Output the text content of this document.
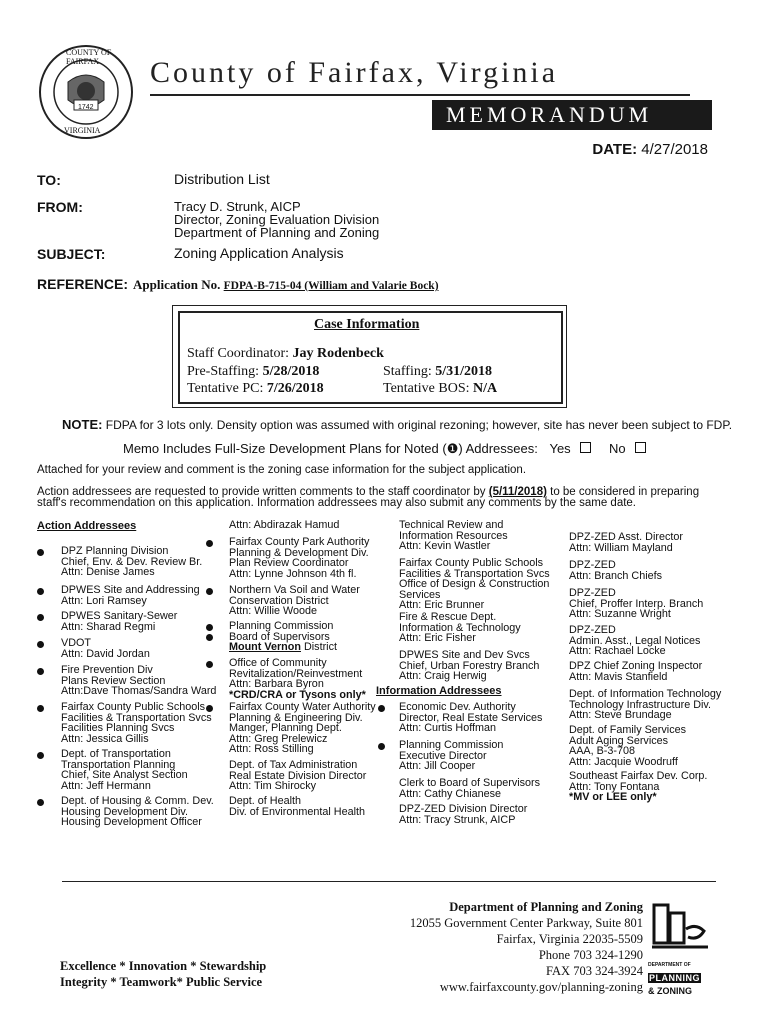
COUNTY OF FAIRFAX
1742
VIRGINIA
County of Fairfax, Virginia
MEMORANDUM
DATE: 4/27/2018
TO:	Distribution List
FROM:	Tracy D. Strunk, AICP
Director, Zoning Evaluation Division
Department of Planning and Zoning
SUBJECT:	Zoning Application Analysis
REFERENCE: Application No. FDPA-B-715-04 (William and Valarie Bock)
Case Information
Staff Coordinator: Jay Rodenbeck
Pre-Staffing: 5/28/2018	Staffing: 5/31/2018
Tentative PC: 7/26/2018	Tentative BOS: N/A
NOTE: FDPA for 3 lots only. Density option was assumed with original rezoning; however, site has never been subject to FDP.
Memo Includes Full-Size Development Plans for Noted (❶) Addressees: Yes	No
Attached for your review and comment is the zoning case information for the subject application.
Action addressees are requested to provide written comments to the staff coordinator by (5/11/2018) to be considered in preparing
staff's recommendation on this application. Information addressees may also submit any comments by the same date.
Action Addressees
DPZ Planning Division
Chief, Env. & Dev. Review Br.
Attn: Denise James
DPWES Site and Addressing
Attn: Lori Ramsey
DPWES Sanitary-Sewer
Attn: Sharad Regmi
VDOT
Attn: David Jordan
Fire Prevention Div
Plans Review Section
Attn:Dave Thomas/Sandra Ward
Fairfax County Public Schools
Facilities & Transportation Svcs
Facilities Planning Svcs
Attn: Jessica Gillis
Dept. of Transportation
Transportation Planning
Chief, Site Analyst Section
Attn: Jeff Hermann
Dept. of Housing & Comm. Dev.
Housing Development Div.
Housing Development Officer
Attn: Abdirazak Hamud
Fairfax County Park Authority
Planning & Development Div.
Plan Review Coordinator
Attn: Lynne Johnson 4th fl.
Northern Va Soil and Water
Conservation District
Attn: Willie Woode
Planning Commission
Board of Supervisors
Mount Vernon District
Office of Community
Revitalization/Reinvestment
Attn: Barbara Byron
*CRD/CRA or Tysons only*
Fairfax County Water Authority
Planning & Engineering Div.
Manger, Planning Dept.
Attn: Greg Prelewicz
Attn: Ross Stilling
Dept. of Tax Administration
Real Estate Division Director
Attn: Tim Shirocky
Dept. of Health
Div. of Environmental Health
Technical Review and
Information Resources
Attn: Kevin Wastler
Fairfax County Public Schools
Facilities & Transportation Svcs
Office of Design & Construction
Services
Attn: Eric Brunner
Fire & Rescue Dept.
Information & Technology
Attn: Eric Fisher
DPWES Site and Dev Svcs
Chief, Urban Forestry Branch
Attn: Craig Herwig
Information Addressees
Economic Dev. Authority
Director, Real Estate Services
Attn: Curtis Hoffman
Planning Commission
Executive Director
Attn: Jill Cooper
Clerk to Board of Supervisors
Attn: Cathy Chianese
DPZ-ZED Division Director
Attn: Tracy Strunk, AICP
DPZ-ZED Asst. Director
Attn: William Mayland
DPZ-ZED
Attn: Branch Chiefs
DPZ-ZED
Chief, Proffer Interp. Branch
Attn: Suzanne Wright
DPZ-ZED
Admin. Asst., Legal Notices
Attn: Rachael Locke
DPZ Chief Zoning Inspector
Attn: Mavis Stanfield
Dept. of Information Technology
Technology Infrastructure Div.
Attn: Steve Brundage
Dept. of Family Services
Adult Aging Services
AAA, B-3-708
Attn: Jacquie Woodruff
Southeast Fairfax Dev. Corp.
Attn: Tony Fontana
*MV or LEE only*
Excellence * Innovation * Stewardship
Integrity * Teamwork* Public Service
Department of Planning and Zoning
12055 Government Center Parkway, Suite 801
Fairfax, Virginia 22035-5509
Phone 703 324-1290
FAX 703 324-3924
www.fairfaxcounty.gov/planning-zoning
DEPARTMENT OF
PLANNING
& ZONING
